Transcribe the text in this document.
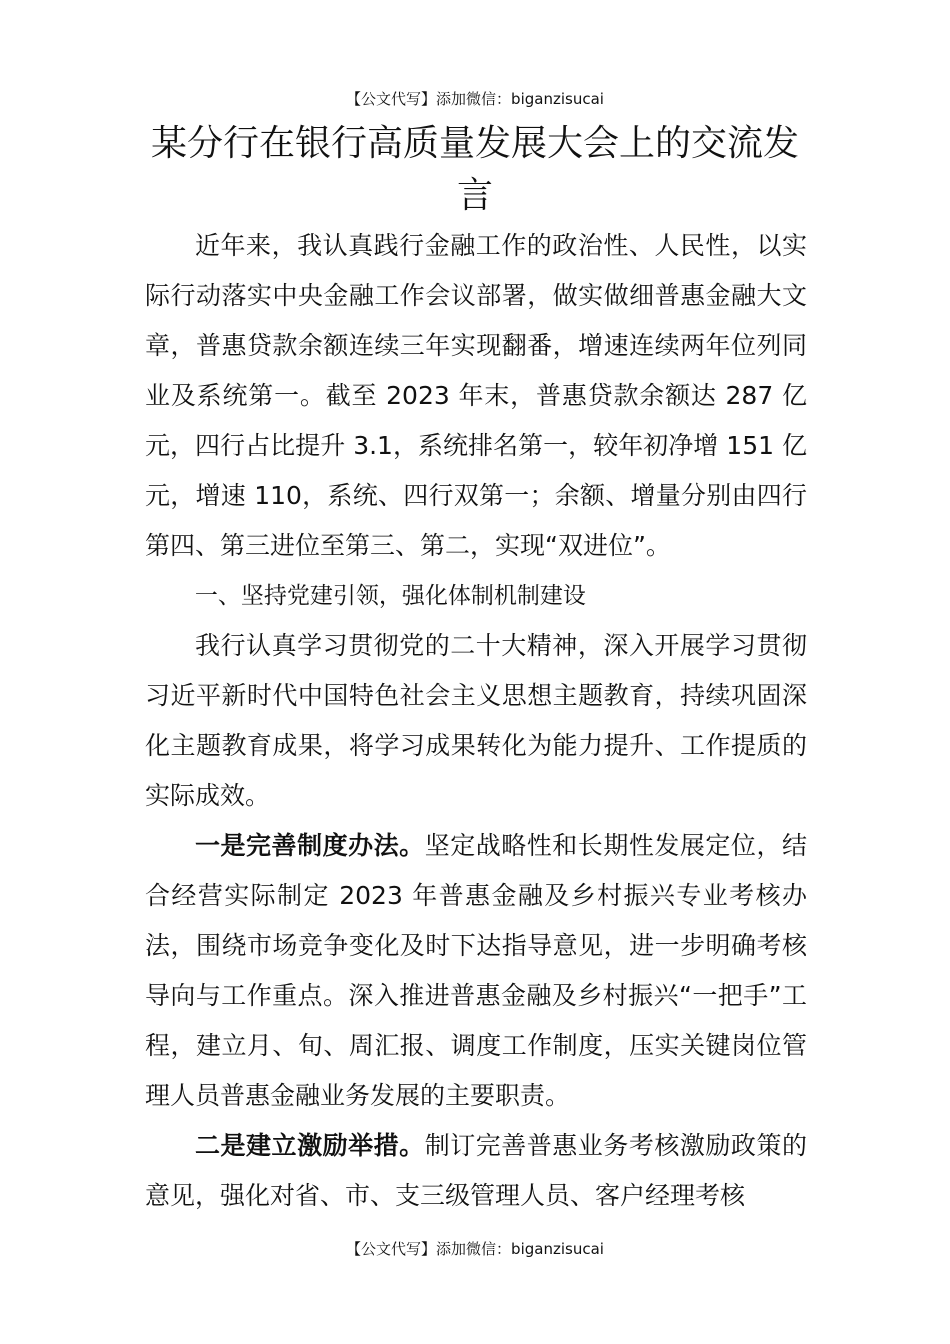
【公文代写】添加微信：biganzisucai
某分行在银行高质量发展大会上的交流发言

近年来，我认真践行金融工作的政治性、人民性，以实际行动落实中央金融工作会议部署，做实做细普惠金融大文章，普惠贷款余额连续三年实现翻番，增速连续两年位列同业及系统第一。截至 2023 年末，普惠贷款余额达 287 亿元，四行占比提升 3.1，系统排名第一，较年初净增 151 亿元，增速 110，系统、四行双第一；余额、增量分别由四行第四、第三进位至第三、第二，实现“双进位”。

一、坚持党建引领，强化体制机制建设

我行认真学习贯彻党的二十大精神，深入开展学习贯彻习近平新时代中国特色社会主义思想主题教育，持续巩固深化主题教育成果，将学习成果转化为能力提升、工作提质的实际成效。

一是完善制度办法。坚定战略性和长期性发展定位，结合经营实际制定 2023 年普惠金融及乡村振兴专业考核办法，围绕市场竞争变化及时下达指导意见，进一步明确考核导向与工作重点。深入推进普惠金融及乡村振兴“一把手”工程，建立月、旬、周汇报、调度工作制度，压实关键岗位管理人员普惠金融业务发展的主要职责。

二是建立激励举措。制订完善普惠业务考核激励政策的意见，强化对省、市、支三级管理人员、客户经理考核

【公文代写】添加微信：biganzisucai
